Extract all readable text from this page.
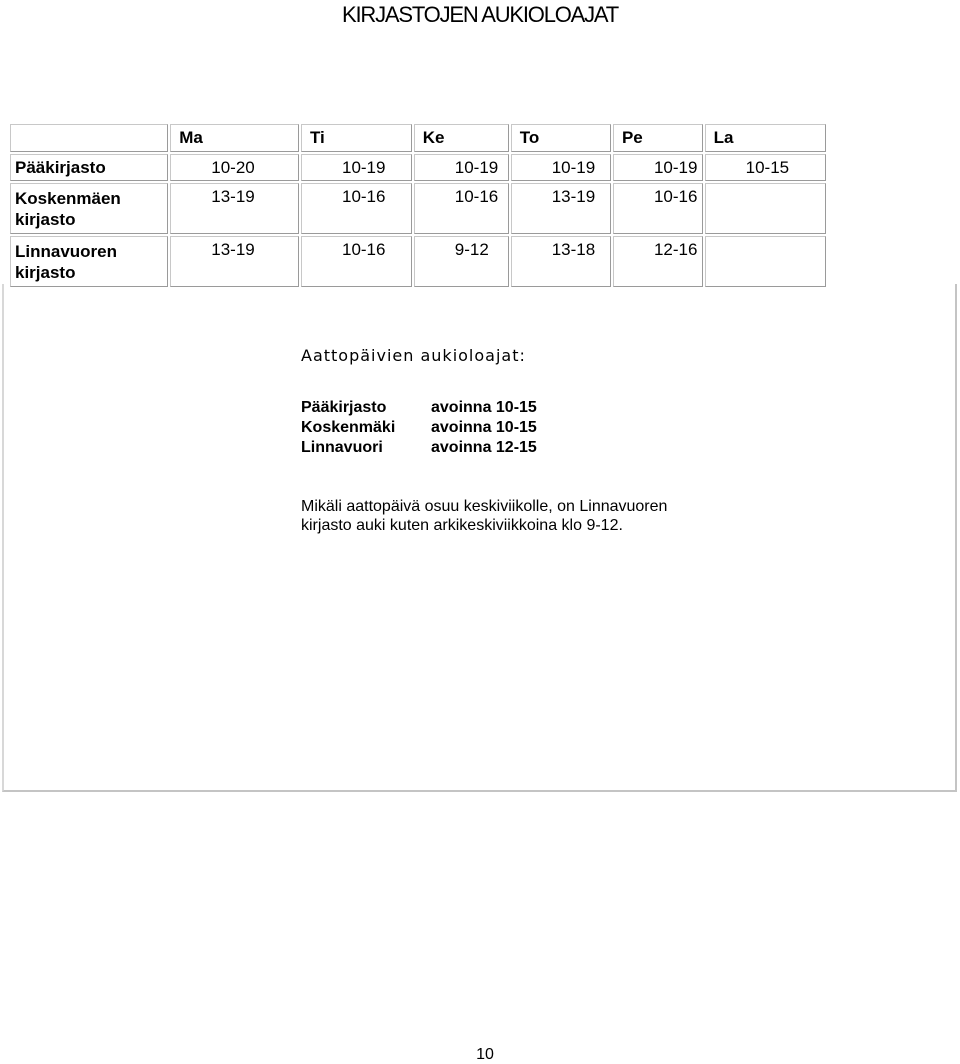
KIRJASTOJEN AUKIOLOAJAT
	Ma	Ti	Ke	To	Pe	La
Pääkirjasto	10-20	10-19	10-19	10-19	10-19	10-15
Koskenmäen kirjasto	13-19	10-16	10-16	13-19	10-16	
Linnavuoren kirjasto	13-19	10-16	9-12	13-18	12-16	
Aattopäivien aukioloajat:
Pääkirjasto	avoinna 10-15
Koskenmäki	avoinna 10-15
Linnavuori	avoinna 12-15
Mikäli aattopäivä osuu keskiviikolle, on Linnavuoren kirjasto auki kuten arkikeskiviikkoina klo 9-12.
10
